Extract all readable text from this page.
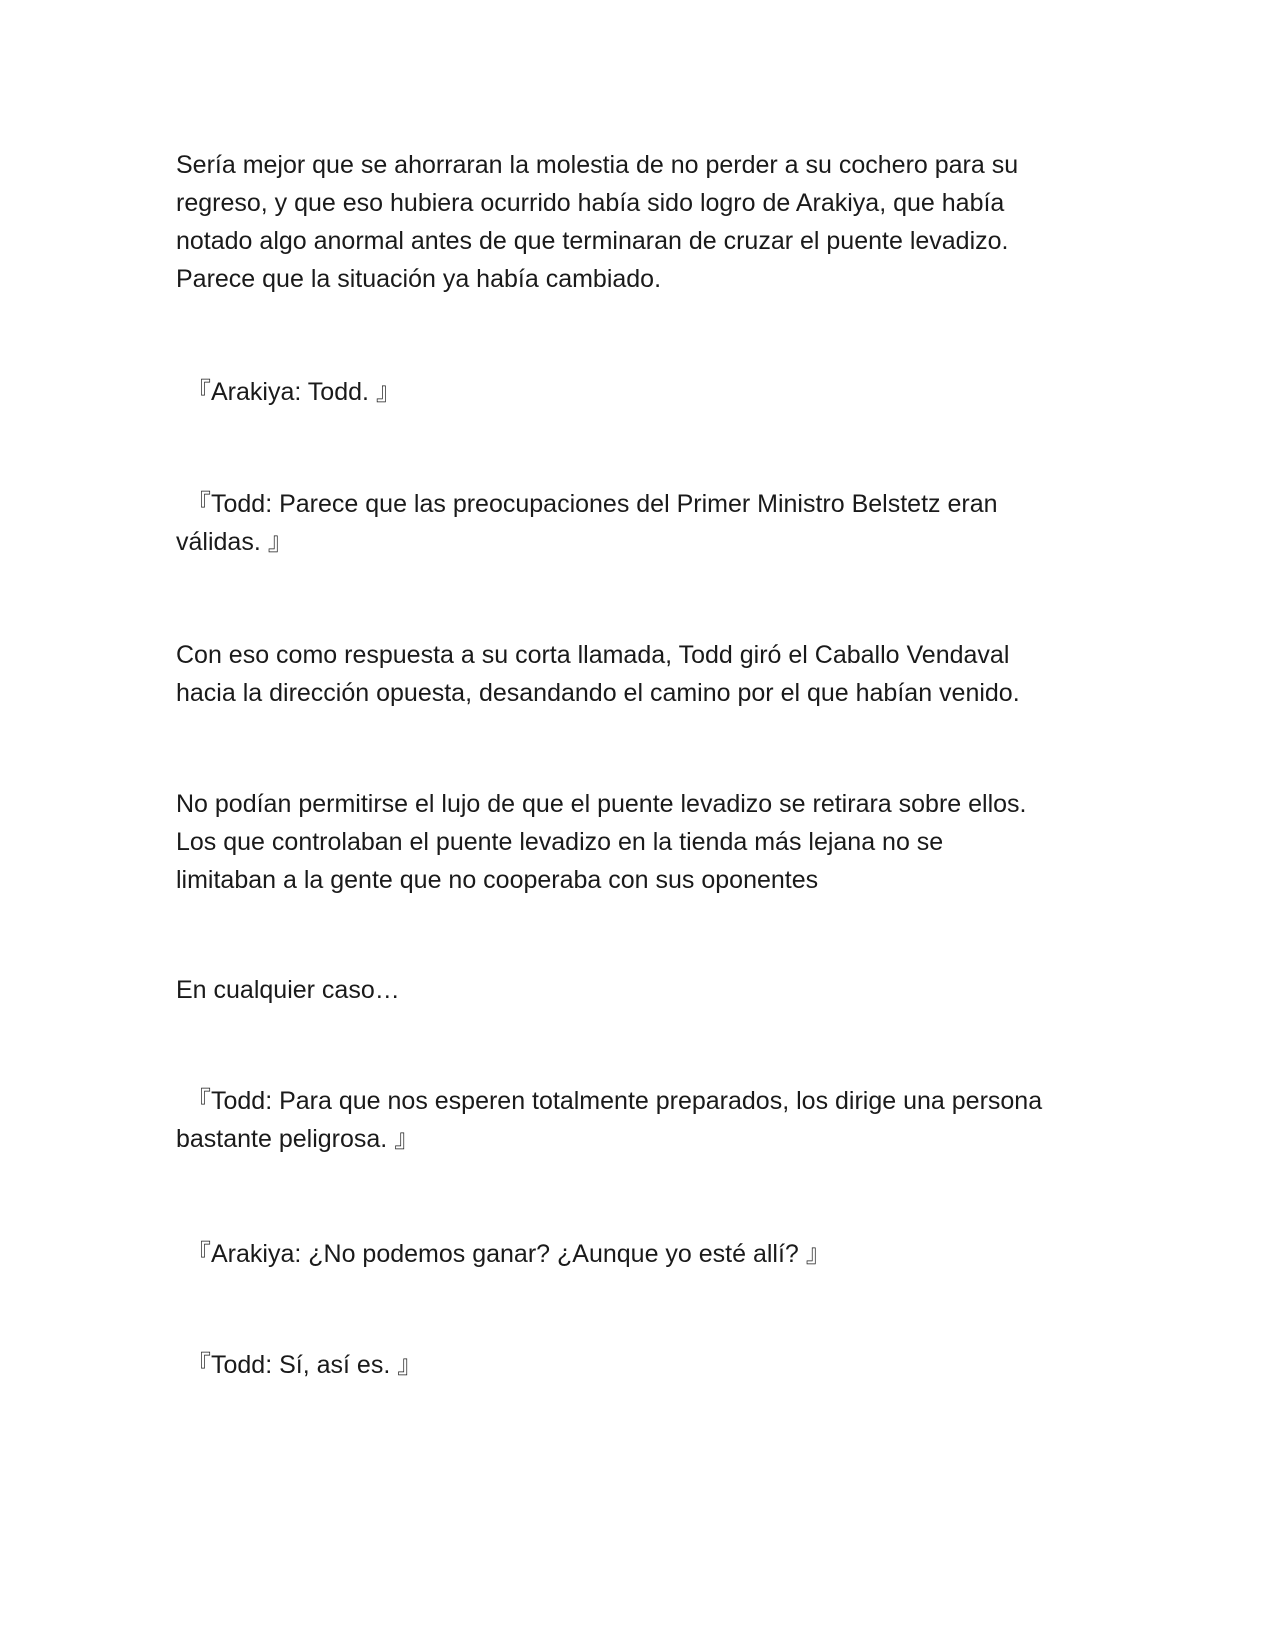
Sería mejor que se ahorraran la molestia de no perder a su cochero para su
regreso, y que eso hubiera ocurrido había sido logro de Arakiya, que había
notado algo anormal antes de que terminaran de cruzar el puente levadizo.
Parece que la situación ya había cambiado.
『Arakiya: Todd. 』
『Todd: Parece que las preocupaciones del Primer Ministro Belstetz eran
válidas. 』
Con eso como respuesta a su corta llamada, Todd giró el Caballo Vendaval
hacia la dirección opuesta, desandando el camino por el que habían venido.
No podían permitirse el lujo de que el puente levadizo se retirara sobre ellos.
Los que controlaban el puente levadizo en la tienda más lejana no se
limitaban a la gente que no cooperaba con sus oponentes
En cualquier caso…
『Todd: Para que nos esperen totalmente preparados, los dirige una persona
bastante peligrosa. 』
『Arakiya: ¿No podemos ganar? ¿Aunque yo esté allí? 』
『Todd: Sí, así es. 』
